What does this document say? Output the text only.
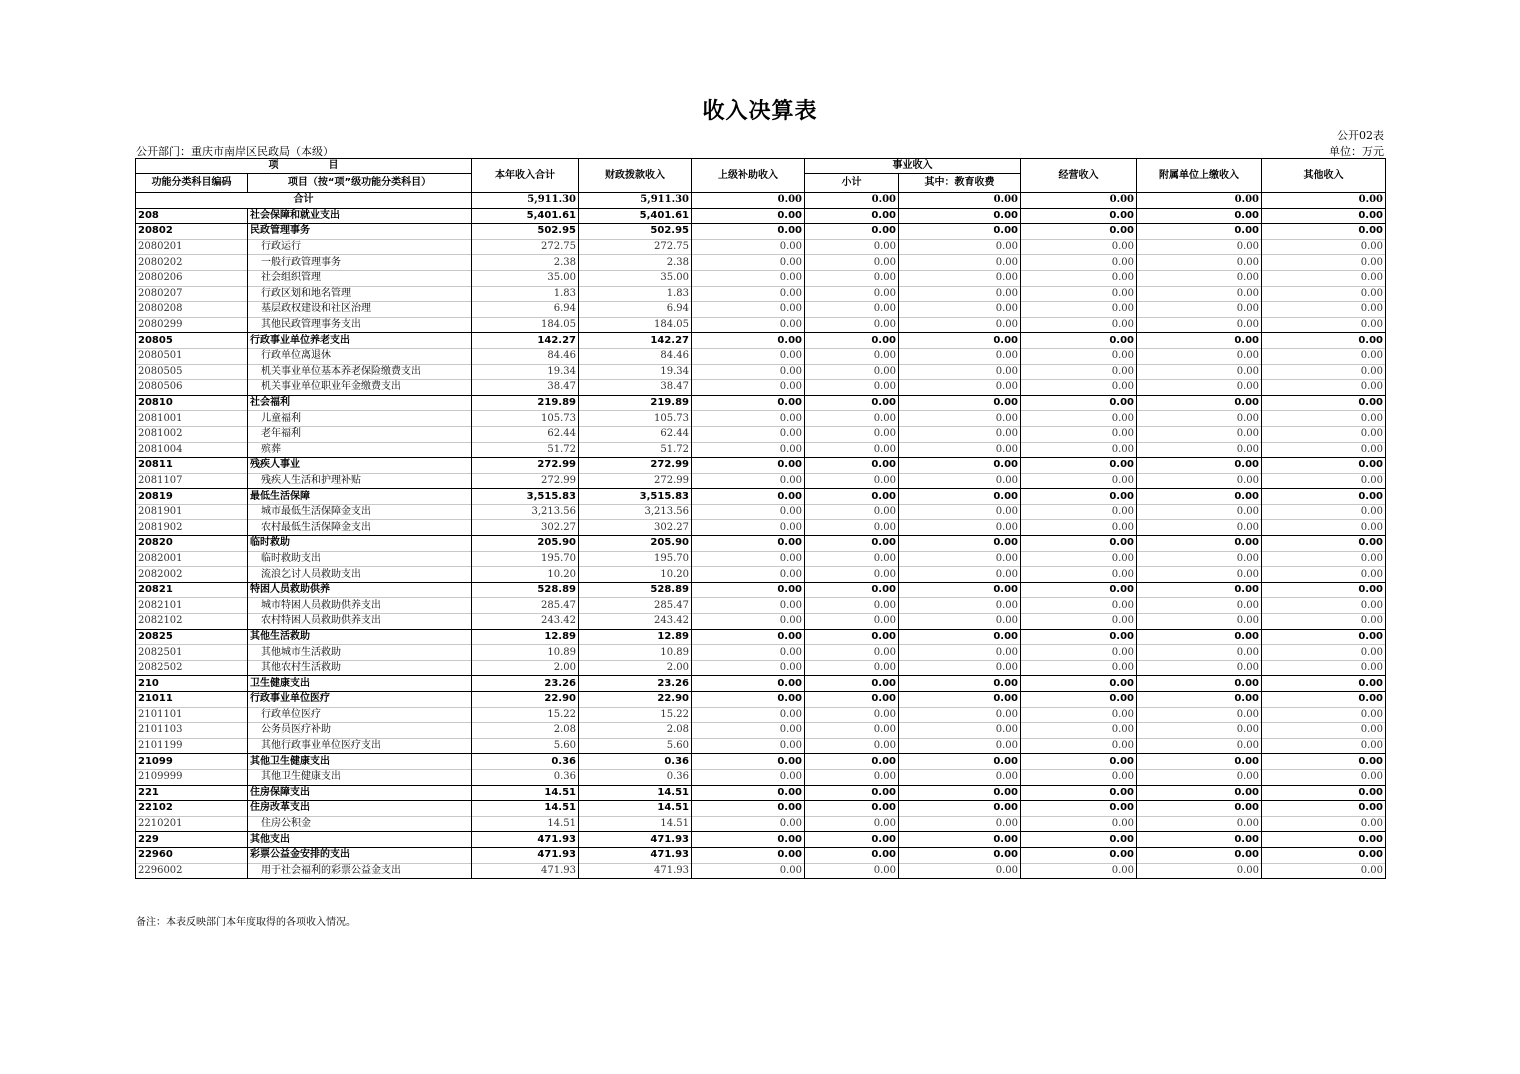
收入决算表
公开02表
公开部门：重庆市南岸区民政局（本级）	单位：万元
项　　　　　目		本年收入合计	财政拨款收入	上级补助收入	事业收入		经营收入	附属单位上缴收入	其他收入
功能分类科目编码	项目（按“项”级功能分类科目）				小计	其中：教育收费			

合计		5,911.30	5,911.30	0.00	0.00	0.00	0.00	0.00	0.00
208	社会保障和就业支出	5,401.61	5,401.61	0.00	0.00	0.00	0.00	0.00	0.00
20802	民政管理事务	502.95	502.95	0.00	0.00	0.00	0.00	0.00	0.00
2080201	行政运行	272.75	272.75	0.00	0.00	0.00	0.00	0.00	0.00
2080202	一般行政管理事务	2.38	2.38	0.00	0.00	0.00	0.00	0.00	0.00
2080206	社会组织管理	35.00	35.00	0.00	0.00	0.00	0.00	0.00	0.00
2080207	行政区划和地名管理	1.83	1.83	0.00	0.00	0.00	0.00	0.00	0.00
2080208	基层政权建设和社区治理	6.94	6.94	0.00	0.00	0.00	0.00	0.00	0.00
2080299	其他民政管理事务支出	184.05	184.05	0.00	0.00	0.00	0.00	0.00	0.00
20805	行政事业单位养老支出	142.27	142.27	0.00	0.00	0.00	0.00	0.00	0.00
2080501	行政单位离退休	84.46	84.46	0.00	0.00	0.00	0.00	0.00	0.00
2080505	机关事业单位基本养老保险缴费支出	19.34	19.34	0.00	0.00	0.00	0.00	0.00	0.00
2080506	机关事业单位职业年金缴费支出	38.47	38.47	0.00	0.00	0.00	0.00	0.00	0.00
20810	社会福利	219.89	219.89	0.00	0.00	0.00	0.00	0.00	0.00
2081001	儿童福利	105.73	105.73	0.00	0.00	0.00	0.00	0.00	0.00
2081002	老年福利	62.44	62.44	0.00	0.00	0.00	0.00	0.00	0.00
2081004	殡葬	51.72	51.72	0.00	0.00	0.00	0.00	0.00	0.00
20811	残疾人事业	272.99	272.99	0.00	0.00	0.00	0.00	0.00	0.00
2081107	残疾人生活和护理补贴	272.99	272.99	0.00	0.00	0.00	0.00	0.00	0.00
20819	最低生活保障	3,515.83	3,515.83	0.00	0.00	0.00	0.00	0.00	0.00
2081901	城市最低生活保障金支出	3,213.56	3,213.56	0.00	0.00	0.00	0.00	0.00	0.00
2081902	农村最低生活保障金支出	302.27	302.27	0.00	0.00	0.00	0.00	0.00	0.00
20820	临时救助	205.90	205.90	0.00	0.00	0.00	0.00	0.00	0.00
2082001	临时救助支出	195.70	195.70	0.00	0.00	0.00	0.00	0.00	0.00
2082002	流浪乞讨人员救助支出	10.20	10.20	0.00	0.00	0.00	0.00	0.00	0.00
20821	特困人员救助供养	528.89	528.89	0.00	0.00	0.00	0.00	0.00	0.00
2082101	城市特困人员救助供养支出	285.47	285.47	0.00	0.00	0.00	0.00	0.00	0.00
2082102	农村特困人员救助供养支出	243.42	243.42	0.00	0.00	0.00	0.00	0.00	0.00
20825	其他生活救助	12.89	12.89	0.00	0.00	0.00	0.00	0.00	0.00
2082501	其他城市生活救助	10.89	10.89	0.00	0.00	0.00	0.00	0.00	0.00
2082502	其他农村生活救助	2.00	2.00	0.00	0.00	0.00	0.00	0.00	0.00
210	卫生健康支出	23.26	23.26	0.00	0.00	0.00	0.00	0.00	0.00
21011	行政事业单位医疗	22.90	22.90	0.00	0.00	0.00	0.00	0.00	0.00
2101101	行政单位医疗	15.22	15.22	0.00	0.00	0.00	0.00	0.00	0.00
2101103	公务员医疗补助	2.08	2.08	0.00	0.00	0.00	0.00	0.00	0.00
2101199	其他行政事业单位医疗支出	5.60	5.60	0.00	0.00	0.00	0.00	0.00	0.00
21099	其他卫生健康支出	0.36	0.36	0.00	0.00	0.00	0.00	0.00	0.00
2109999	其他卫生健康支出	0.36	0.36	0.00	0.00	0.00	0.00	0.00	0.00
221	住房保障支出	14.51	14.51	0.00	0.00	0.00	0.00	0.00	0.00
22102	住房改革支出	14.51	14.51	0.00	0.00	0.00	0.00	0.00	0.00
2210201	住房公积金	14.51	14.51	0.00	0.00	0.00	0.00	0.00	0.00
229	其他支出	471.93	471.93	0.00	0.00	0.00	0.00	0.00	0.00
22960	彩票公益金安排的支出	471.93	471.93	0.00	0.00	0.00	0.00	0.00	0.00
2296002	用于社会福利的彩票公益金支出	471.93	471.93	0.00	0.00	0.00	0.00	0.00	0.00
备注：本表反映部门本年度取得的各项收入情况。
